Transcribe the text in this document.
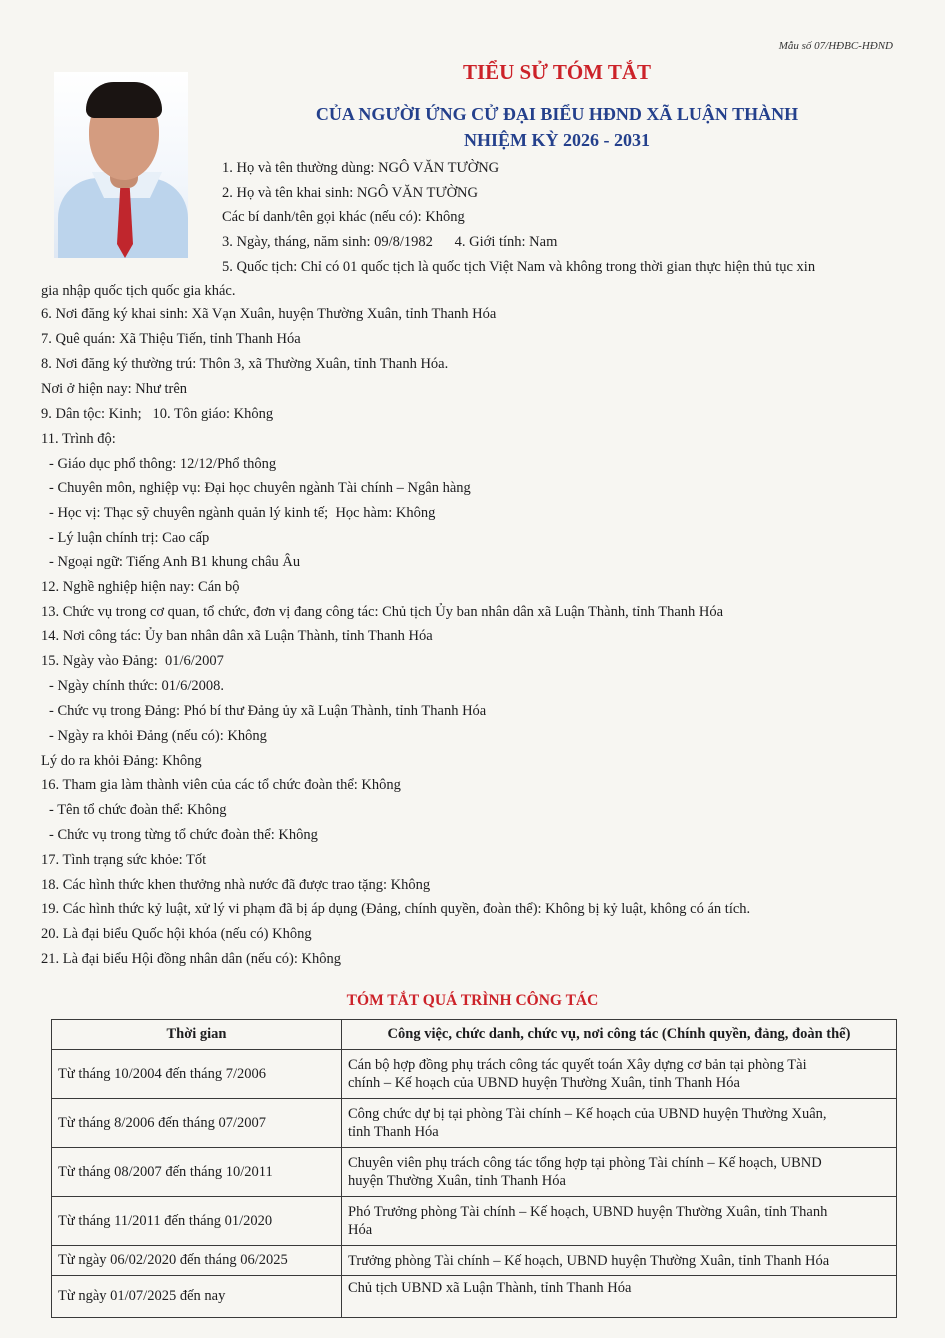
Mẫu số 07/HĐBC-HĐND
TIỂU SỬ TÓM TẮT
CỦA NGƯỜI ỨNG CỬ ĐẠI BIỂU HĐND XÃ LUẬN THÀNH
NHIỆM KỲ 2026 - 2031
1. Họ và tên thường dùng: NGÔ VĂN TƯỜNG
2. Họ và tên khai sinh: NGÔ VĂN TƯỜNG
Các bí danh/tên gọi khác (nếu có): Không
3. Ngày, tháng, năm sinh: 09/8/1982      4. Giới tính: Nam
5. Quốc tịch: Chỉ có 01 quốc tịch là quốc tịch Việt Nam và không trong thời gian thực hiện thủ tục xin
gia nhập quốc tịch quốc gia khác.
6. Nơi đăng ký khai sinh: Xã Vạn Xuân, huyện Thường Xuân, tỉnh Thanh Hóa
7. Quê quán: Xã Thiệu Tiến, tỉnh Thanh Hóa
8. Nơi đăng ký thường trú: Thôn 3, xã Thường Xuân, tỉnh Thanh Hóa.
Nơi ở hiện nay: Như trên
9. Dân tộc: Kinh;   10. Tôn giáo: Không
11. Trình độ:
- Giáo dục phổ thông: 12/12/Phổ thông
- Chuyên môn, nghiệp vụ: Đại học chuyên ngành Tài chính – Ngân hàng
- Học vị: Thạc sỹ chuyên ngành quản lý kinh tế;  Học hàm: Không
- Lý luận chính trị: Cao cấp
- Ngoại ngữ: Tiếng Anh B1 khung châu Âu
12. Nghề nghiệp hiện nay: Cán bộ
13. Chức vụ trong cơ quan, tổ chức, đơn vị đang công tác: Chủ tịch Ủy ban nhân dân xã Luận Thành, tỉnh Thanh Hóa
14. Nơi công tác: Ủy ban nhân dân xã Luận Thành, tỉnh Thanh Hóa
15. Ngày vào Đảng:  01/6/2007
- Ngày chính thức: 01/6/2008.
- Chức vụ trong Đảng: Phó bí thư Đảng ủy xã Luận Thành, tỉnh Thanh Hóa
- Ngày ra khỏi Đảng (nếu có): Không
Lý do ra khỏi Đảng: Không
16. Tham gia làm thành viên của các tổ chức đoàn thể: Không
- Tên tổ chức đoàn thể: Không
- Chức vụ trong từng tổ chức đoàn thể: Không
17. Tình trạng sức khỏe: Tốt
18. Các hình thức khen thưởng nhà nước đã được trao tặng: Không
19. Các hình thức kỷ luật, xử lý vi phạm đã bị áp dụng (Đảng, chính quyền, đoàn thể): Không bị kỷ luật, không có án tích.
20. Là đại biểu Quốc hội khóa (nếu có) Không
21. Là đại biểu Hội đồng nhân dân (nếu có): Không
TÓM TẮT QUÁ TRÌNH CÔNG TÁC
Thời gian	Công việc, chức danh, chức vụ, nơi công tác (Chính quyền, đảng, đoàn thể)
Từ tháng 10/2004 đến tháng 7/2006	Cán bộ hợp đồng phụ trách công tác quyết toán Xây dựng cơ bản tại phòng Tài
chính – Kế hoạch của UBND huyện Thường Xuân, tỉnh Thanh Hóa

Từ tháng 8/2006 đến tháng 07/2007	Công chức dự bị tại phòng Tài chính – Kế hoạch của UBND huyện Thường Xuân,
tỉnh Thanh Hóa

Từ tháng 08/2007 đến tháng 10/2011	Chuyên viên phụ trách công tác tổng hợp tại phòng Tài chính – Kế hoạch, UBND
huyện Thường Xuân, tỉnh Thanh Hóa

Từ tháng 11/2011 đến tháng 01/2020	Phó Trưởng phòng Tài chính – Kế hoạch, UBND huyện Thường Xuân, tỉnh Thanh
Hóa

Từ ngày 06/02/2020 đến tháng 06/2025	Trưởng phòng Tài chính – Kế hoạch, UBND huyện Thường Xuân, tỉnh Thanh Hóa

Từ ngày 01/07/2025 đến nay	Chủ tịch UBND xã Luận Thành, tỉnh Thanh Hóa
